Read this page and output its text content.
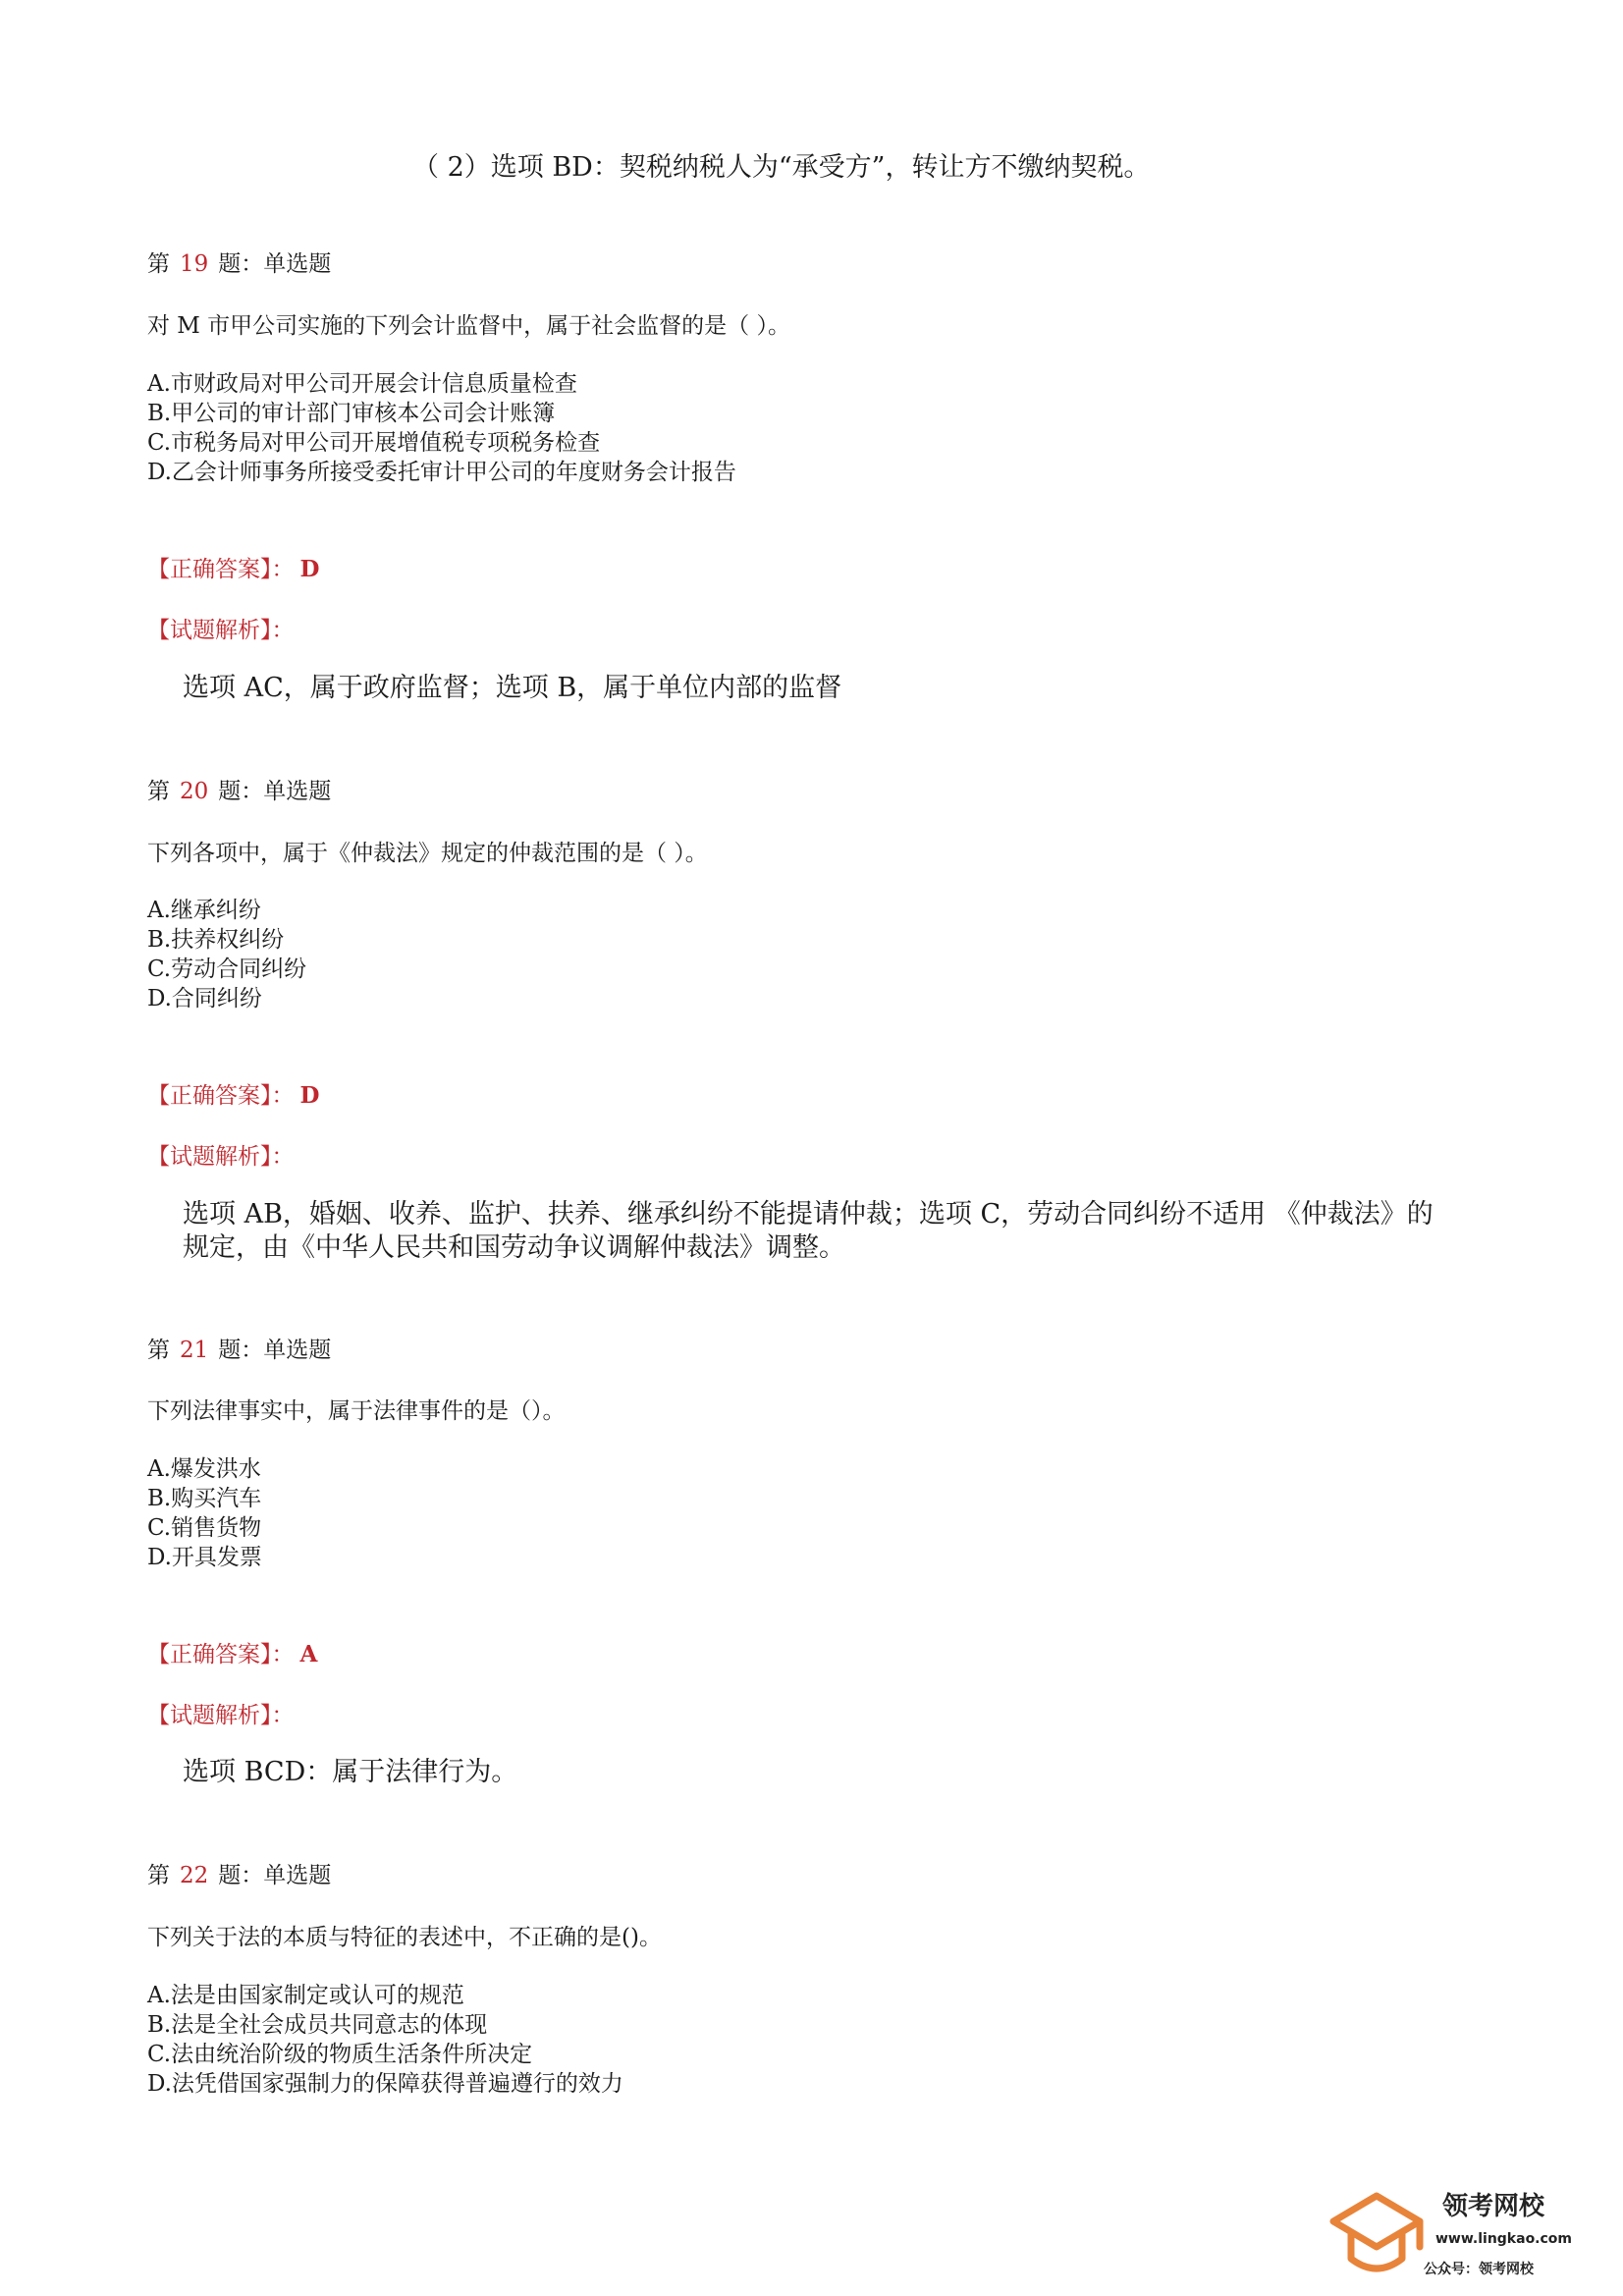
（ 2）选项 BD：契税纳税人为“承受方”，转让方不缴纳契税。
第 19 题：单选题
对 M 市甲公司实施的下列会计监督中，属于社会监督的是（ ）。
A.市财政局对甲公司开展会计信息质量检查
B.甲公司的审计部门审核本公司会计账簿
C.市税务局对甲公司开展增值税专项税务检查
D.乙会计师事务所接受委托审计甲公司的年度财务会计报告
【正确答案】： D
【试题解析】：
选项 AC，属于政府监督；选项 B，属于单位内部的监督
第 20 题：单选题
下列各项中，属于《仲裁法》规定的仲裁范围的是（ ）。
A.继承纠纷
B.扶养权纠纷
C.劳动合同纠纷
D.合同纠纷
【正确答案】： D
【试题解析】：
选项 AB，婚姻、收养、监护、扶养、继承纠纷不能提请仲裁；选项 C，劳动合同纠纷不适用 《仲裁法》的规定，由《中华人民共和国劳动争议调解仲裁法》调整。
第 21 题：单选题
下列法律事实中，属于法律事件的是（）。
A.爆发洪水
B.购买汽车
C.销售货物
D.开具发票
【正确答案】： A
【试题解析】：
选项 BCD：属于法律行为。
第 22 题：单选题
下列关于法的本质与特征的表述中，不正确的是()。
A.法是由国家制定或认可的规范
B.法是全社会成员共同意志的体现
C.法由统治阶级的物质生活条件所决定
D.法凭借国家强制力的保障获得普遍遵行的效力
领考网校
www.lingkao.com
公众号：领考网校
